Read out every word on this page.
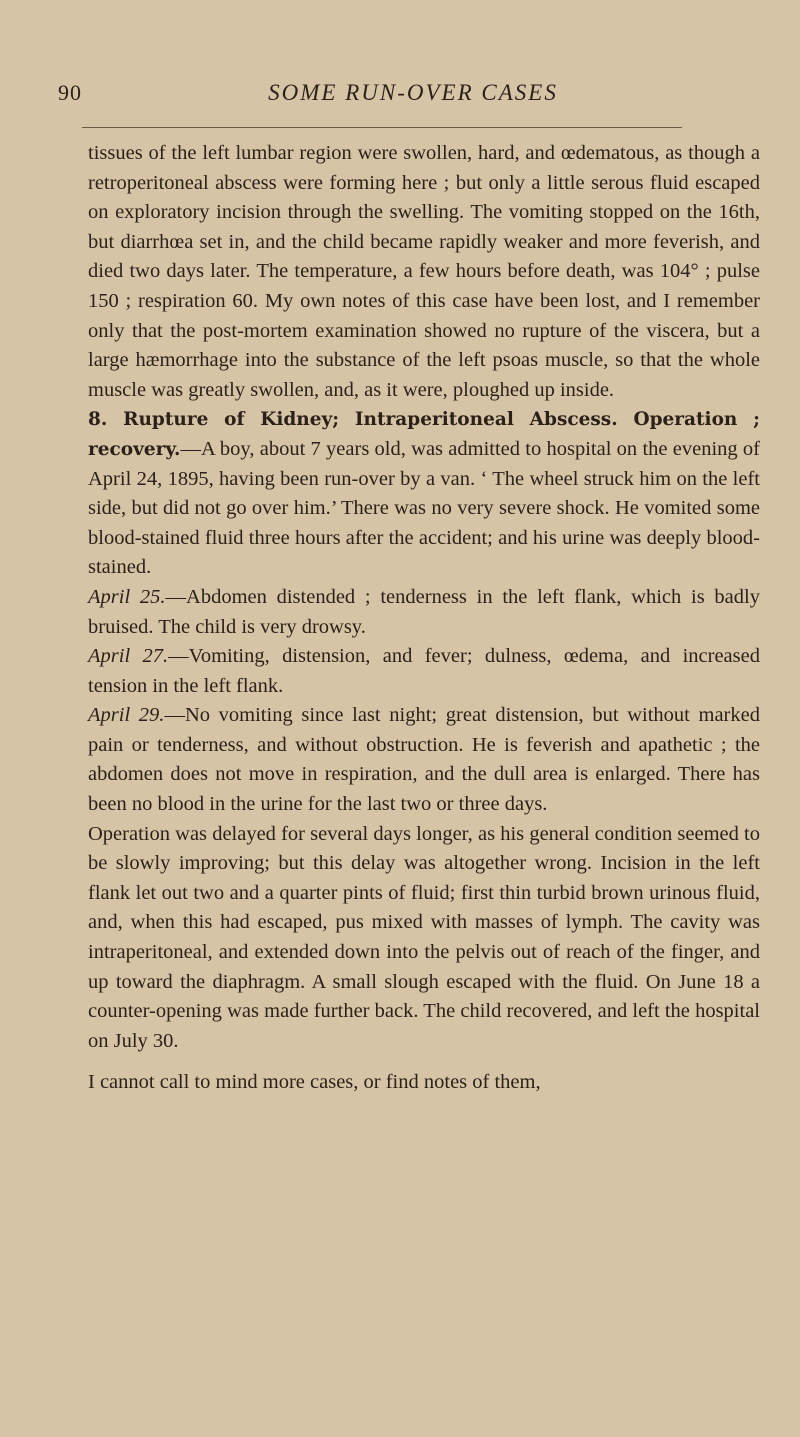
90	SOME RUN-OVER CASES

tissues of the left lumbar region were swollen, hard, and œdematous, as though a retroperitoneal abscess were forming here ; but only a little serous fluid escaped on exploratory incision through the swelling. The vomiting stopped on the 16th, but diarrhœa set in, and the child became rapidly weaker and more feverish, and died two days later. The temperature, a few hours before death, was 104° ; pulse 150 ; respiration 60. My own notes of this case have been lost, and I remember only that the post-mortem examination showed no rupture of the viscera, but a large hæmorrhage into the substance of the left psoas muscle, so that the whole muscle was greatly swollen, and, as it were, ploughed up inside.

8. Rupture of Kidney; Intraperitoneal Abscess. Operation ; recovery.—A boy, about 7 years old, was admitted to hospital on the evening of April 24, 1895, having been run-over by a van. ‘ The wheel struck him on the left side, but did not go over him.’ There was no very severe shock. He vomited some blood-stained fluid three hours after the accident; and his urine was deeply blood-stained.

April 25.—Abdomen distended ; tenderness in the left flank, which is badly bruised. The child is very drowsy.

April 27.—Vomiting, distension, and fever; dulness, œdema, and increased tension in the left flank.

April 29.—No vomiting since last night; great distension, but without marked pain or tenderness, and without obstruction. He is feverish and apathetic ; the abdomen does not move in respiration, and the dull area is enlarged. There has been no blood in the urine for the last two or three days.

Operation was delayed for several days longer, as his general condition seemed to be slowly improving; but this delay was altogether wrong. Incision in the left flank let out two and a quarter pints of fluid; first thin turbid brown urinous fluid, and, when this had escaped, pus mixed with masses of lymph. The cavity was intraperitoneal, and extended down into the pelvis out of reach of the finger, and up toward the diaphragm. A small slough escaped with the fluid. On June 18 a counter-opening was made further back. The child recovered, and left the hospital on July 30.

I cannot call to mind more cases, or find notes of them,
